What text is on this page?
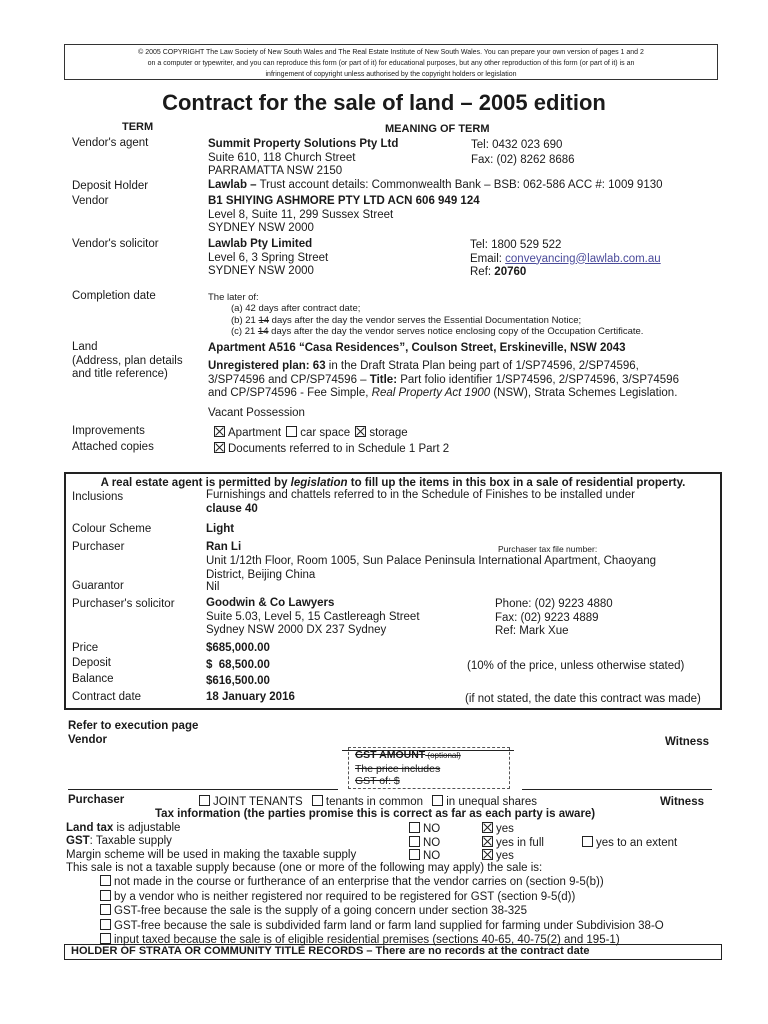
© 2005 COPYRIGHT The Law Society of New South Wales and The Real Estate Institute of New South Wales. You can prepare your own version of pages 1 and 2
on a computer or typewriter, and you can reproduce this form (or part of it) for educational purposes, but any other reproduction of this form (or part of it) is an
infringement of copyright unless authorised by the copyright holders or legislation
Contract for the sale of land – 2005 edition
TERM	MEANING OF TERM
Vendor's agent	Summit Property Solutions Pty Ltd
Suite 610, 118 Church Street
PARRAMATTA NSW 2150
Tel: 0432 023 690
Fax: (02) 8262 8686
Deposit Holder	Lawlab – Trust account details: Commonwealth Bank – BSB: 062-586 ACC #: 1009 9130
Vendor	B1 SHIYING ASHMORE PTY LTD ACN 606 949 124
Level 8, Suite 11, 299 Sussex Street
SYDNEY NSW 2000
Vendor's solicitor	Lawlab Pty Limited
Level 6, 3 Spring Street
SYDNEY NSW 2000
Tel: 1800 529 522
Email: conveyancing@lawlab.com.au
Ref: 20760
Completion date	The later of:
(a) 42 days after contract date;
(b) 21 14 days after the day the vendor serves the Essential Documentation Notice;
(c) 21 14 days after the day the vendor serves notice enclosing copy of the Occupation Certificate.
Land
(Address, plan details
and title reference)
Apartment A516 “Casa Residences”, Coulson Street, Erskineville, NSW 2043
Unregistered plan: 63 in the Draft Strata Plan being part of 1/SP74596, 2/SP74596,
3/SP74596 and CP/SP74596 – Title: Part folio identifier 1/SP74596, 2/SP74596, 3/SP74596
and CP/SP74596 - Fee Simple, Real Property Act 1900 (NSW), Strata Schemes Legislation.
Vacant Possession
Improvements	Apartment car space storage
Attached copies	Documents referred to in Schedule 1 Part 2
A real estate agent is permitted by legislation to fill up the items in this box in a sale of residential property.
Inclusions	Furnishings and chattels referred to in the Schedule of Finishes to be installed under
clause 40
Colour Scheme	Light
Purchaser	Ran Li	Purchaser tax file number:
Unit 1/12th Floor, Room 1005, Sun Palace Peninsula International Apartment, Chaoyang
District, Beijing China
Guarantor	Nil
Purchaser's solicitor	Goodwin & Co Lawyers
Suite 5.03, Level 5, 15 Castlereagh Street
Sydney NSW 2000 DX 237 Sydney
Phone: (02) 9223 4880
Fax: (02) 9223 4889
Ref: Mark Xue
Price	$685,000.00
Deposit	$  68,500.00	(10% of the price, unless otherwise stated)
Balance	$616,500.00
Contract date	18 January 2016	(if not stated, the date this contract was made)
Refer to execution page
Vendor	Witness
GST AMOUNT (optional)
The price includes
GST of: $
Purchaser	JOINT TENANTS tenants in common in unequal shares	Witness
Tax information (the parties promise this is correct as far as each party is aware)
Land tax is adjustable	NO	yes
GST: Taxable supply	NO	yes in full	yes to an extent
Margin scheme will be used in making the taxable supply	NO	yes
This sale is not a taxable supply because (one or more of the following may apply) the sale is:
not made in the course or furtherance of an enterprise that the vendor carries on (section 9-5(b))
by a vendor who is neither registered nor required to be registered for GST (section 9-5(d))
GST-free because the sale is the supply of a going concern under section 38-325
GST-free because the sale is subdivided farm land or farm land supplied for farming under Subdivision 38-O
input taxed because the sale is of eligible residential premises (sections 40-65, 40-75(2) and 195-1)
HOLDER OF STRATA OR COMMUNITY TITLE RECORDS – There are no records at the contract date
